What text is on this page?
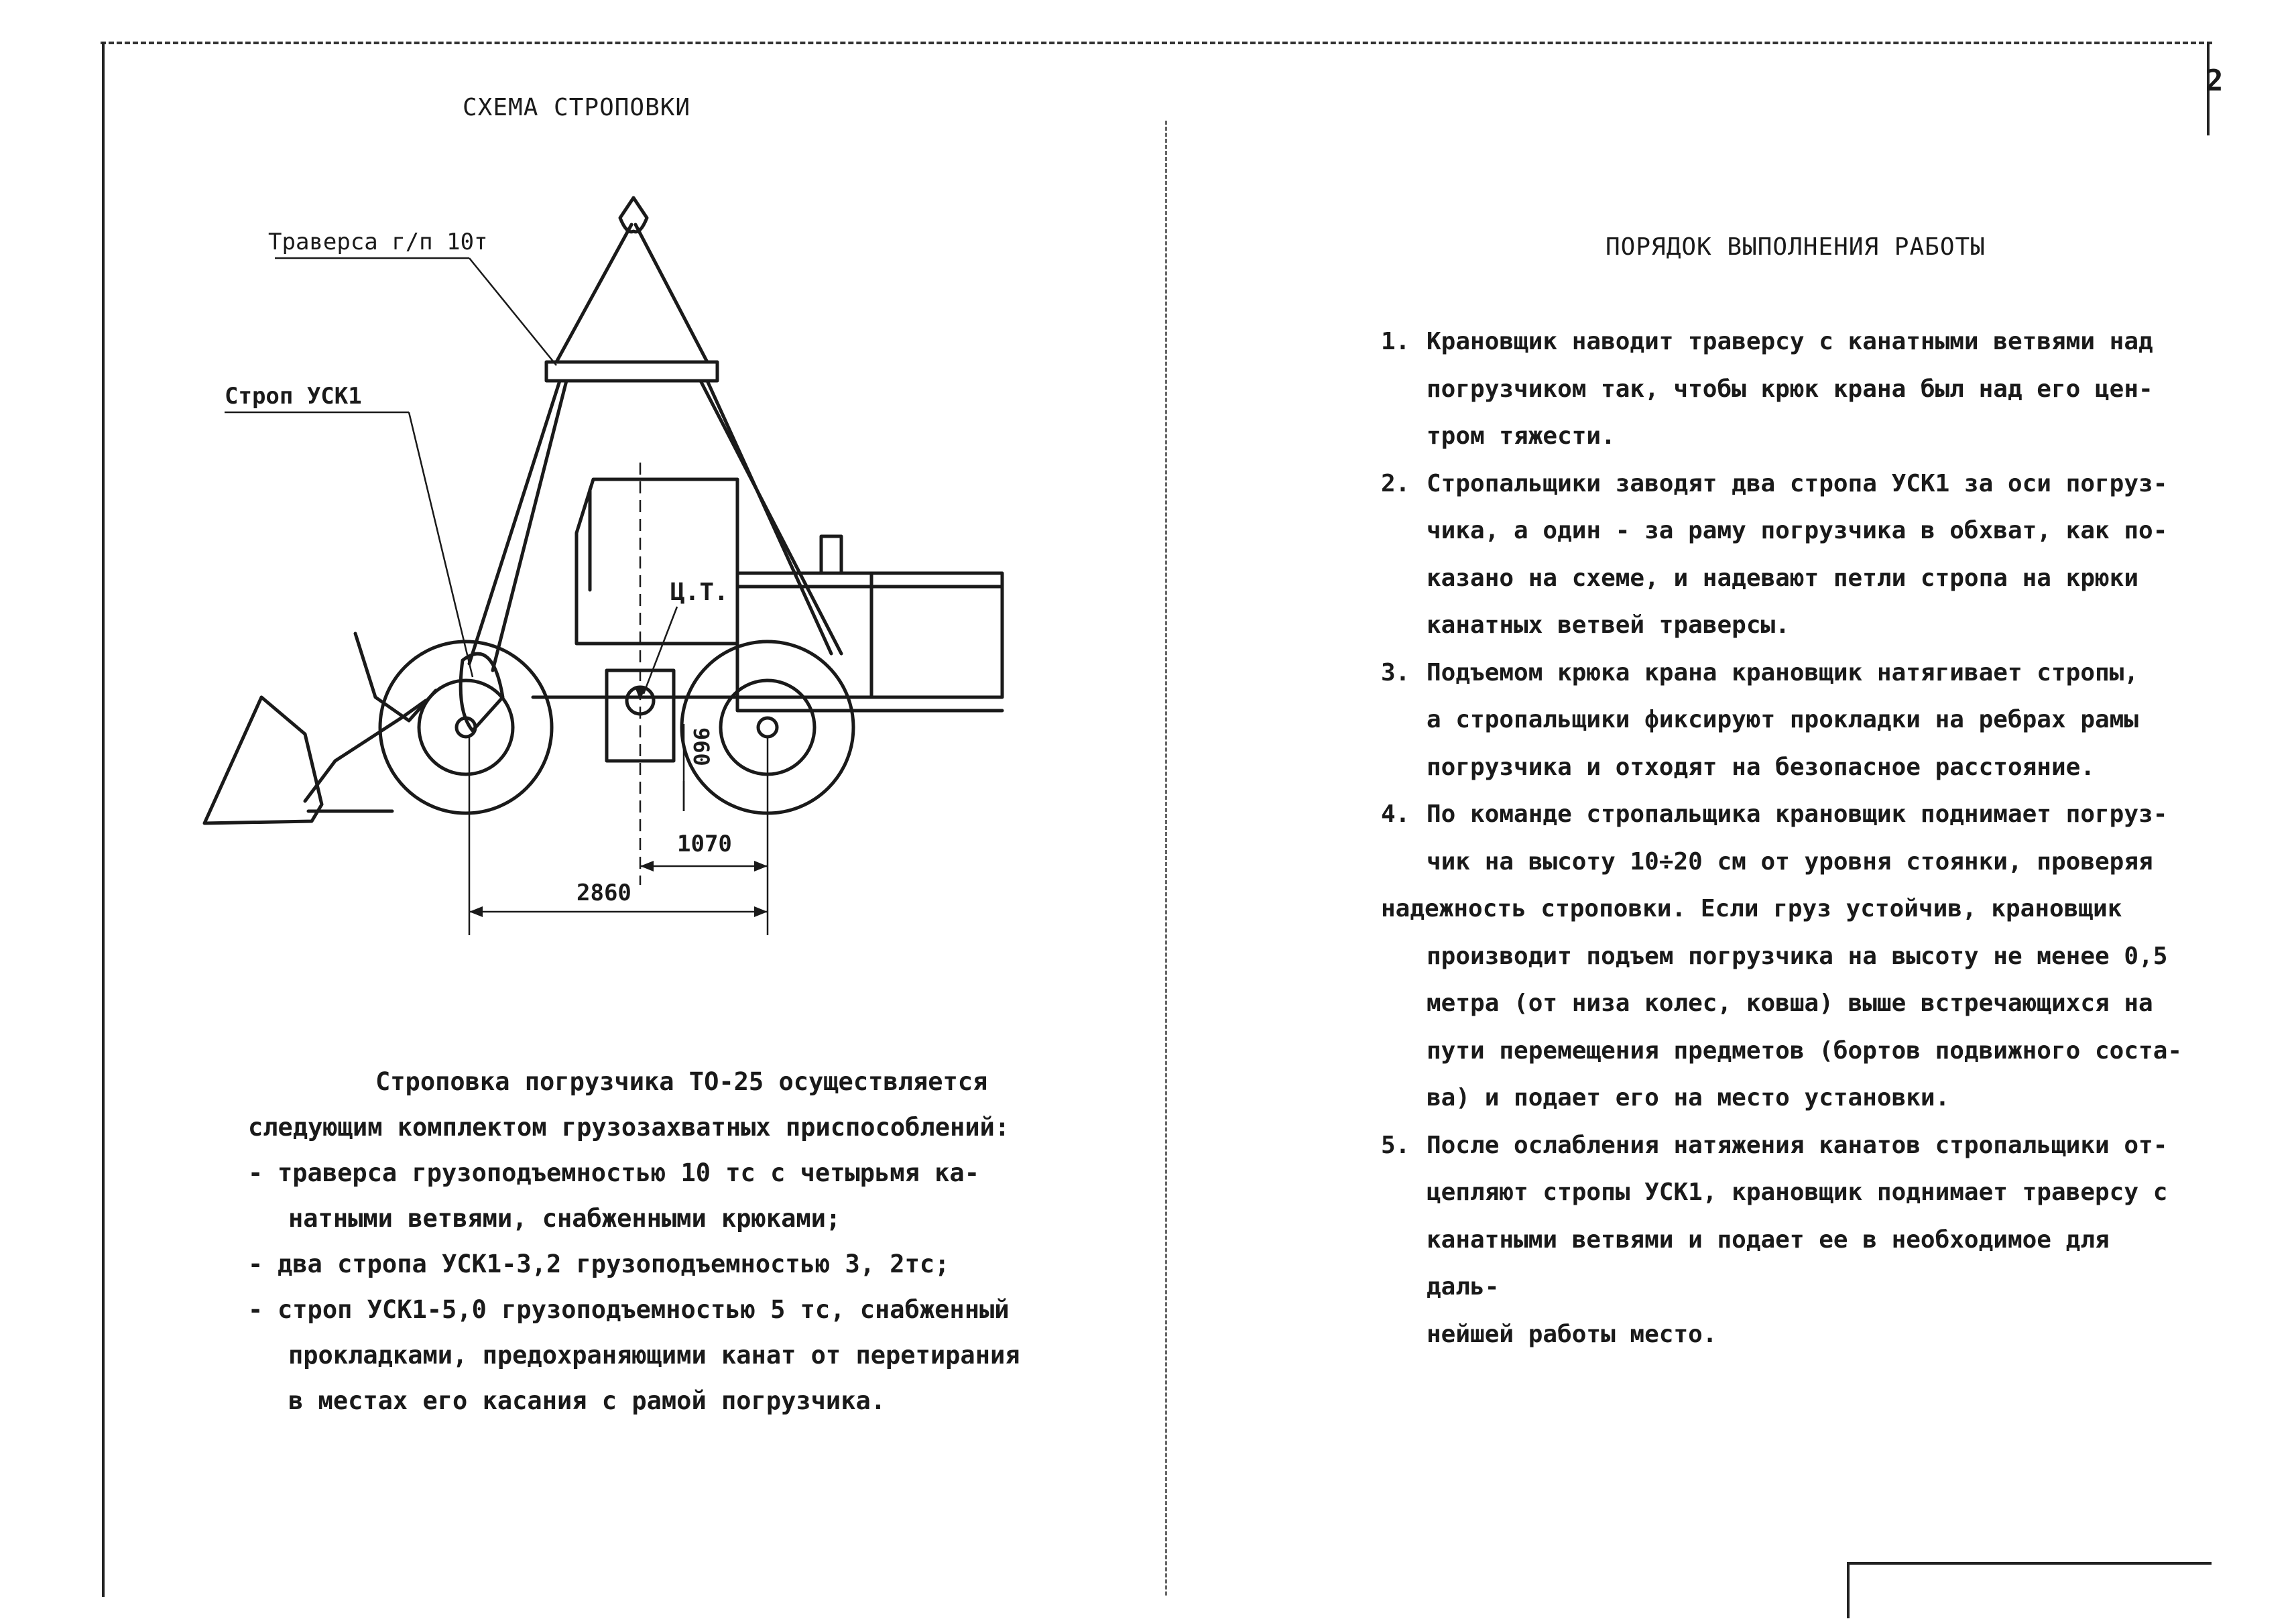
2
СХЕМА СТРОПОВКИ
Траверса г/п 10т
Строп УСК1
Ц.Т.
960
1070
2860

Строповка погрузчика ТО-25 осуществляется

следующим комплектом грузозахватных приспособлений:

- траверса грузоподъемностью 10 тс с четырьмя ка-

натными ветвями, снабженными крюками;

- два стропа УСК1-3,2 грузоподъемностью 3, 2тс;
- строп УСК1-5,0 грузоподъемностью 5 тс, снабженный

прокладками, предохраняющими канат от перетирания

в местах его касания с рамой погрузчика.

ПОРЯДОК ВЫПОЛНЕНИЯ РАБОТЫ
1. Крановщик наводит траверсу с канатными ветвями над
погрузчиком так, чтобы крюк крана был над его цен-
тром тяжести.
2. Стропальщики заводят два стропа УСК1 за оси погруз-
чика, а один - за раму погрузчика в обхват, как по-
казано на схеме, и надевают петли стропа на крюки
канатных ветвей траверсы.
3. Подъемом крюка крана крановщик натягивает стропы,
а стропальщики фиксируют прокладки на ребрах рамы
погрузчика и отходят на безопасное расстояние.
4. По команде стропальщика крановщик поднимает погруз-
чик на высоту 10÷20 см от уровня стоянки, проверяя
надежность строповки. Если груз устойчив, крановщик
производит подъем погрузчика на высоту не менее 0,5
метра (от низа колес, ковша) выше встречающихся на
пути перемещения предметов (бортов подвижного соста-
ва) и подает его на место установки.
5. После ослабления натяжения канатов стропальщики от-
цепляют стропы УСК1, крановщик поднимает траверсу с
канатными ветвями и подает ее в необходимое для даль-
нейшей работы место.
